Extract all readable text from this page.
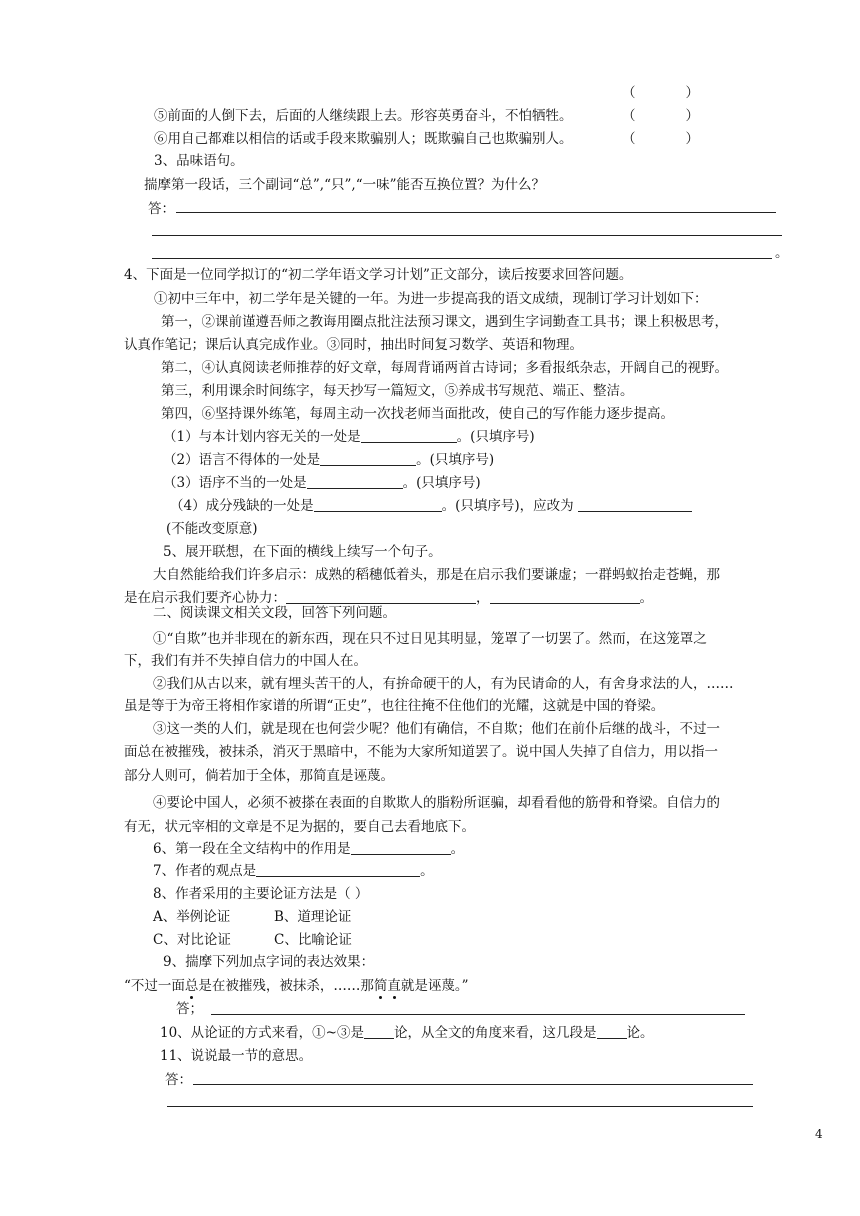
（	）
⑤前面的人倒下去，后面的人继续跟上去。形容英勇奋斗，不怕牺牲。	（	）
⑥用自己都难以相信的话或手段来欺骗别人；既欺骗自己也欺骗别人。	（	）
3、品味语句。
揣摩第一段话，三个副词“总”,“只”,“一味”能否互换位置？为什么？
答：
。
4、下面是一位同学拟订的“初二学年语文学习计划”正文部分，读后按要求回答问题。
①初中三年中，初二学年是关键的一年。为进一步提高我的语文成绩，现制订学习计划如下：
第一，②课前谨遵吾师之教诲用圈点批注法预习课文，遇到生字词勤查工具书；课上积极思考，
认真作笔记；课后认真完成作业。③同时，抽出时间复习数学、英语和物理。
第二，④认真阅读老师推荐的好文章，每周背诵两首古诗词；多看报纸杂志，开阔自己的视野。
第三，利用课余时间练字，每天抄写一篇短文，⑤养成书写规范、端正、整洁。
第四，⑥坚持课外练笔，每周主动一次找老师当面批改，使自己的写作能力逐步提高。
（1）与本计划内容无关的一处是	。(只填序号)
（2）语言不得体的一处是	。(只填序号)
（3）语序不当的一处是	。(只填序号)
（4）成分残缺的一处是	。(只填序号)，应改为
(不能改变原意)
5、展开联想，在下面的横线上续写一个句子。
大自然能给我们许多启示：成熟的稻穗低着头，那是在启示我们要谦虚；一群蚂蚁抬走苍蝇，那
是在启示我们要齐心协力：	，	。
二、阅读课文相关文段，回答下列问题。
①“自欺”也并非现在的新东西，现在只不过日见其明显，笼罩了一切罢了。然而，在这笼罩之
下，我们有并不失掉自信力的中国人在。
②我们从古以来，就有埋头苦干的人，有拚命硬干的人，有为民请命的人，有舍身求法的人，……
虽是等于为帝王将相作家谱的所谓“正史”，也往往掩不住他们的光耀，这就是中国的脊梁。
③这一类的人们，就是现在也何尝少呢？他们有确信，不自欺；他们在前仆后继的战斗，不过一
面总在被摧残，被抹杀，消灭于黑暗中，不能为大家所知道罢了。说中国人失掉了自信力，用以指一
部分人则可，倘若加于全体，那简直是诬蔑。
④要论中国人，必须不被搽在表面的自欺欺人的脂粉所诓骗，却看看他的筋骨和脊梁。自信力的
有无，状元宰相的文章是不足为据的，要自己去看地底下。
6、第一段在全文结构中的作用是	。
7、作者的观点是	。
8、作者采用的主要论证方法是（ ）
A、举例论证	B、道理论证
C、对比论证	C、比喻论证
9、揣摩下列加点字词的表达效果：
“不过一面总是在被摧残，被抹杀，……那简直就是诬蔑。”
答；
10、从论证的方式来看，①~③是 论，从全文的角度来看，这几段是 论。
11、说说最一节的意思。
答：
4
